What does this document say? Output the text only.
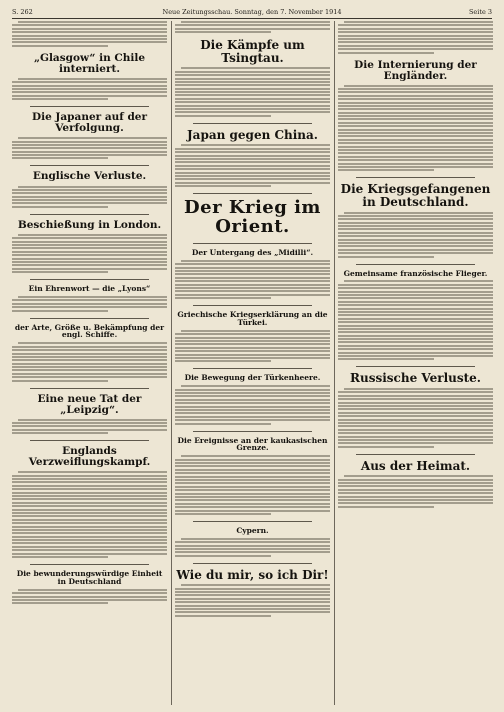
S. 262	Neue Zeitungsschau. Sonntag, den 7. November 1914	Seite 3
„Glasgow“ in Chile interniert.
Die Japaner auf der Verfolgung.
Englische Verluste.
Beschießung in London.
Ein Ehrenwort — die „Lyons“
der Arte, Größe u. Bekämpfung der engl. Schiffe.
Eine neue Tat der „Leipzig“.
Englands Verzweiflungskampf.
Die bewunderungswürdige Einheit in Deutschland
Die Kämpfe um Tsingtau.
Japan gegen China.
Der Krieg im Orient.
Der Untergang des „Midilli“.
Griechische Kriegserklärung an die Türkei.
Die Bewegung der Türkenheere.
Die Ereignisse an der kaukasischen Grenze.
Cypern.
Wie du mir, so ich Dir!
Die Internierung der Engländer.
Die Kriegsgefangenen in Deutschland.
Gemeinsame französische Flieger.
Russische Verluste.
Aus der Heimat.
